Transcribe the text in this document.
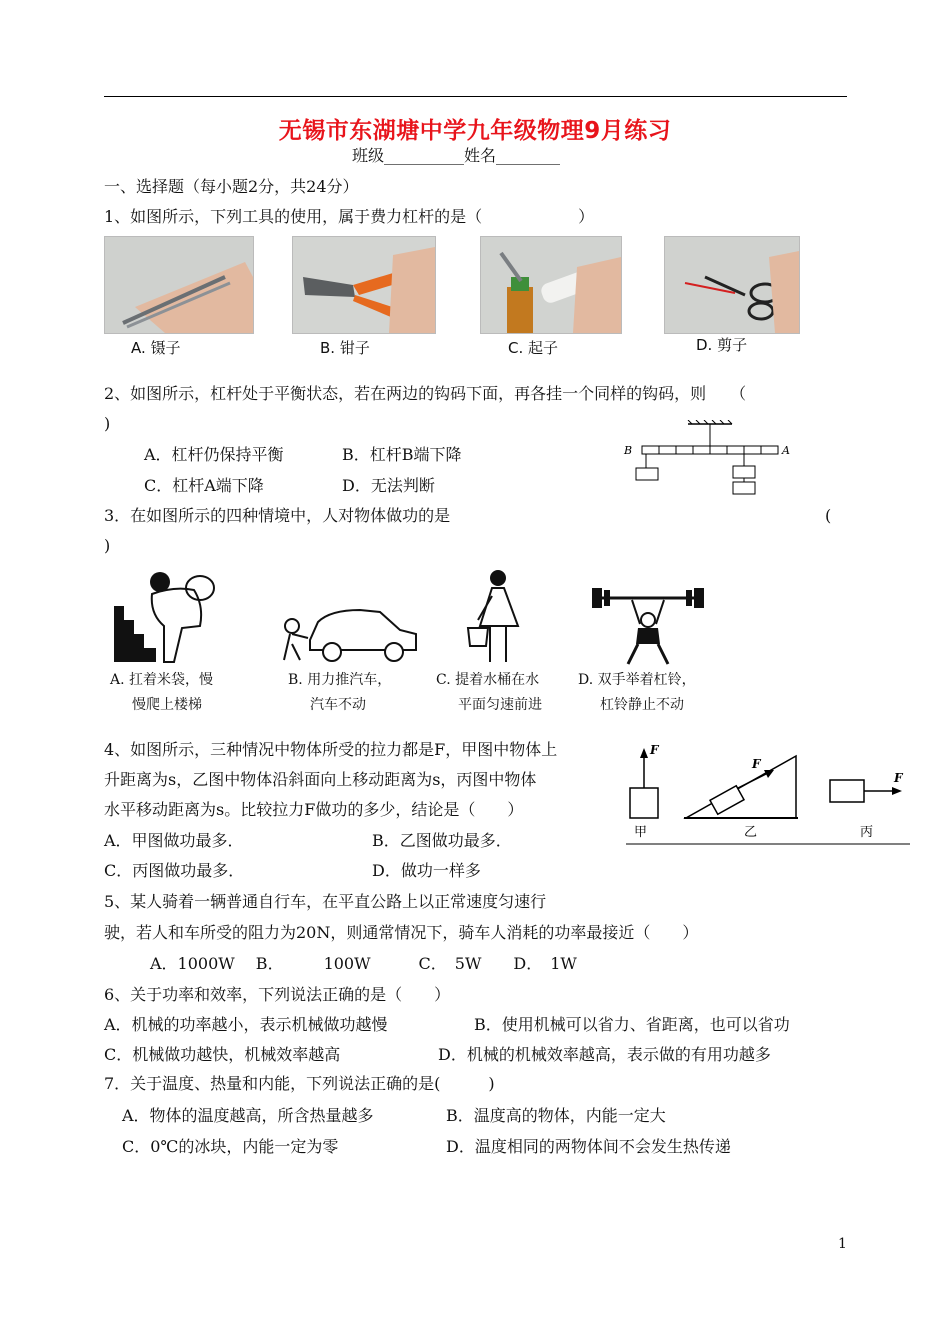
无锡市东湖塘中学九年级物理9月练习
班级__________姓名________
一、选择题（每小题2分，共24分）
1、如图所示，下列工具的使用，属于费力杠杆的是（　　　　　　）
A. 镊子	B. 钳子	C. 起子	D. 剪子
2、如图所示，杠杆处于平衡状态，若在两边的钩码下面，再各挂一个同样的钩码，则　　（
)
A．杠杆仍保持平衡	B．杠杆B端下降
C．杠杆A端下降	D．无法判断
B	A
3．在如图所示的四种情境中，人对物体做功的是	(
)
A. 扛着米袋，慢
慢爬上楼梯
B. 用力推汽车，
汽车不动
C. 提着水桶在水
平面匀速前进
D. 双手举着杠铃，
杠铃静止不动
4、如图所示，三种情况中物体所受的拉力都是F，甲图中物体上
升距离为s，乙图中物体沿斜面向上移动距离为s，丙图中物体
水平移动距离为s。比较拉力F做功的多少，结论是（　　）
A．甲图做功最多．	B．乙图做功最多．
C．丙图做功最多．	D．做功一样多
F
F
F
甲	乙	丙
5、某人骑着一辆普通自行车，在平直公路上以正常速度匀速行
驶，若人和车所受的阻力为20N，则通常情况下，骑车人消耗的功率最接近（　　）
A．1000W　 B．　　　100W　　　C．　5W　　D．　1W
6、关于功率和效率，下列说法正确的是（　　）
A．机械的功率越小，表示机械做功越慢	B．使用机械可以省力、省距离，也可以省功
C．机械做功越快，机械效率越高	D．机械的机械效率越高，表示做的有用功越多
7．关于温度、热量和内能，下列说法正确的是(　　　)
A．物体的温度越高，所含热量越多	B．温度高的物体，内能一定大
C．0℃的冰块，内能一定为零	D．温度相同的两物体间不会发生热传递
1
